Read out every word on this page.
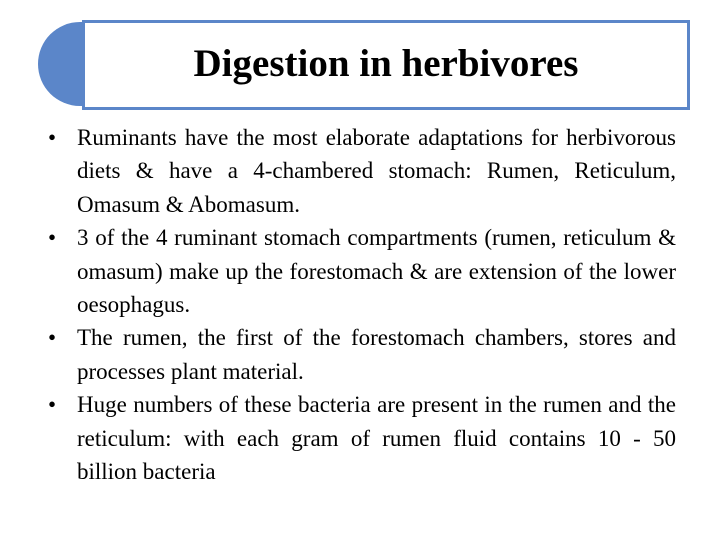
Digestion in herbivores
• Ruminants have the most elaborate adaptations for herbivorous diets & have a 4-chambered stomach: Rumen, Reticulum, Omasum & Abomasum.
• 3 of the 4 ruminant stomach compartments (rumen, reticulum & omasum) make up the forestomach & are extension of the lower oesophagus.
• The rumen, the first of the forestomach chambers, stores and processes plant material.
• Huge numbers of these bacteria are present in the rumen and the reticulum: with each gram of rumen fluid contains 10 - 50 billion bacteria
